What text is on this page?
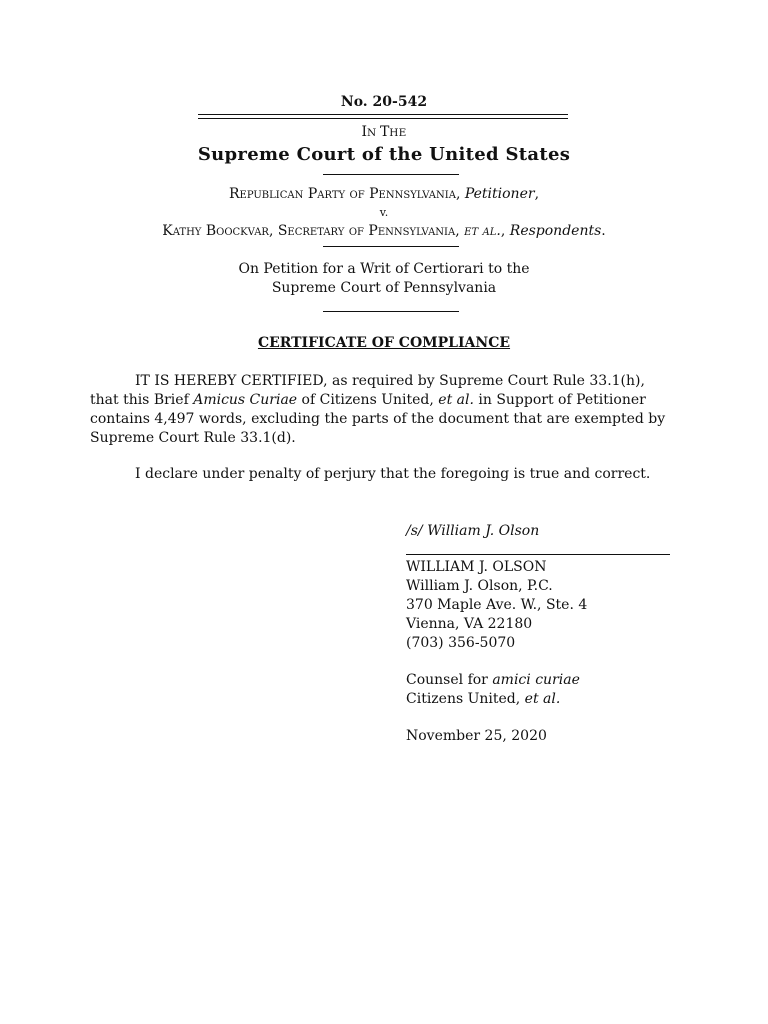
No. 20-542
IN THE
Supreme Court of the United States
Republican Party of Pennsylvania, Petitioner,
v.
Kathy Boockvar, Secretary of Pennsylvania, et al., Respondents.
On Petition for a Writ of Certiorari to the
Supreme Court of Pennsylvania
CERTIFICATE OF COMPLIANCE
IT IS HEREBY CERTIFIED, as required by Supreme Court Rule 33.1(h),
that this Brief Amicus Curiae of Citizens United, et al. in Support of Petitioner
contains 4,497 words, excluding the parts of the document that are exempted by
Supreme Court Rule 33.1(d).
I declare under penalty of perjury that the foregoing is true and correct.
/s/ William J. Olson
WILLIAM J. OLSON
William J. Olson, P.C.
370 Maple Ave. W., Ste. 4
Vienna, VA 22180
(703) 356-5070
Counsel for amici curiae
Citizens United, et al.
November 25, 2020
